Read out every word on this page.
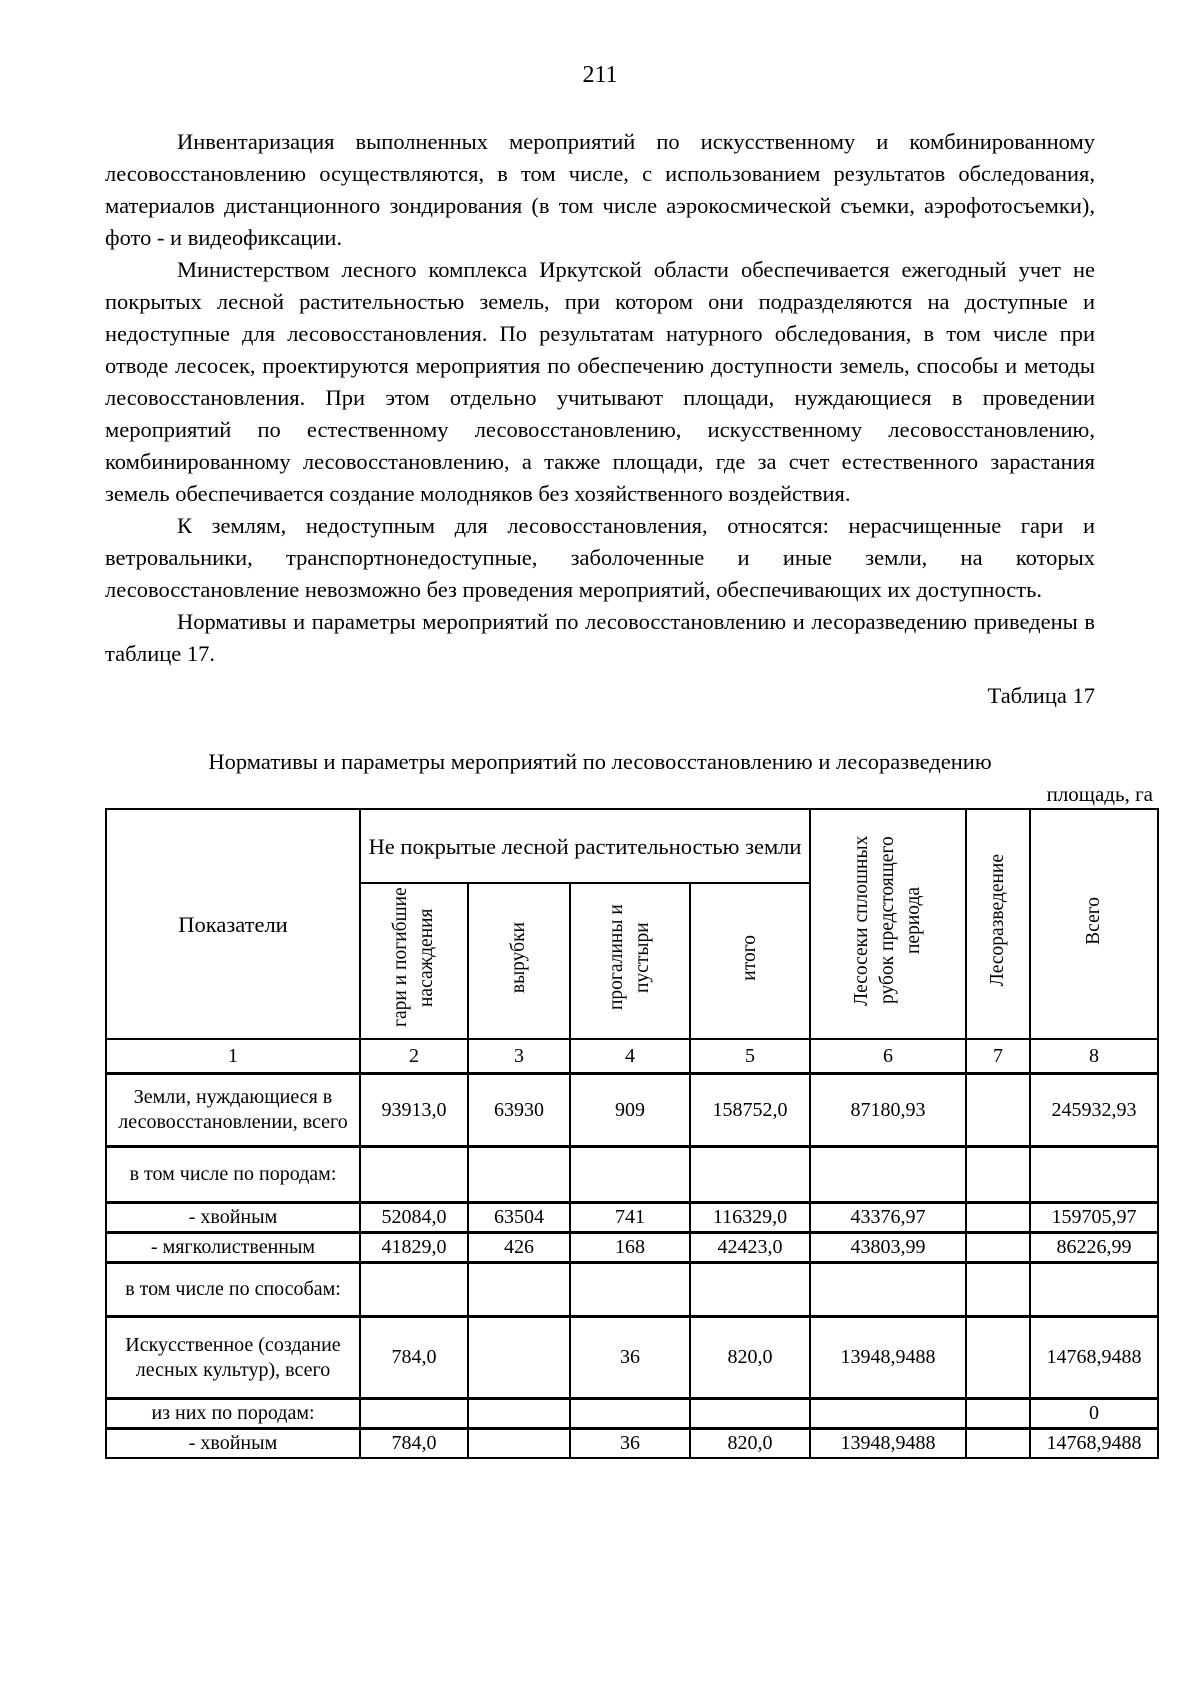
211

Инвентаризация выполненных мероприятий по искусственному и комбинированному лесовосстановлению осуществляются, в том числе, с использованием результатов обследования, материалов дистанционного зондирования (в том числе аэрокосмической съемки, аэрофотосъемки), фото - и видеофиксации.

Министерством лесного комплекса Иркутской области обеспечивается ежегодный учет не покрытых лесной растительностью земель, при котором они подразделяются на доступные и недоступные для лесовосстановления. По результатам натурного обследования, в том числе при отводе лесосек, проектируются мероприятия по обеспечению доступности земель, способы и методы лесовосстановления. При этом отдельно учитывают площади, нуждающиеся в проведении мероприятий по естественному лесовосстановлению, искусственному лесовосстановлению, комбинированному лесовосстановлению, а также площади, где за счет естественного зарастания земель обеспечивается создание молодняков без хозяйственного воздействия.

К землям, недоступным для лесовосстановления, относятся: нерасчищенные гари и ветровальники, транспортнонедоступные, заболоченные и иные земли, на которых лесовосстановление невозможно без проведения мероприятий, обеспечивающих их доступность.

Нормативы и параметры мероприятий по лесовосстановлению и лесоразведению приведены в таблице 17.

Таблица 17
Нормативы и параметры мероприятий по лесовосстановлению и лесоразведению
площадь, га
Показатели	Не покрытые лесной растительностью земли				Лесосеки сплошных рубок предстоящего периода	Лесоразведение	Всего
	гари и погибшие насаждения	вырубки	прогалины и пустыри	итого			
1	2	3	4	5	6	7	8
Земли, нуждающиеся в лесовосстановлении, всего	93913,0	63930	909	158752,0	87180,93		245932,93
в том числе по породам:							
- хвойным	52084,0	63504	741	116329,0	43376,97		159705,97
- мягколиственным	41829,0	426	168	42423,0	43803,99		86226,99
в том числе по способам:							
Искусственное (создание лесных культур), всего	784,0		36	820,0	13948,9488		14768,9488
из них по породам:							0
- хвойным	784,0		36	820,0	13948,9488		14768,9488
